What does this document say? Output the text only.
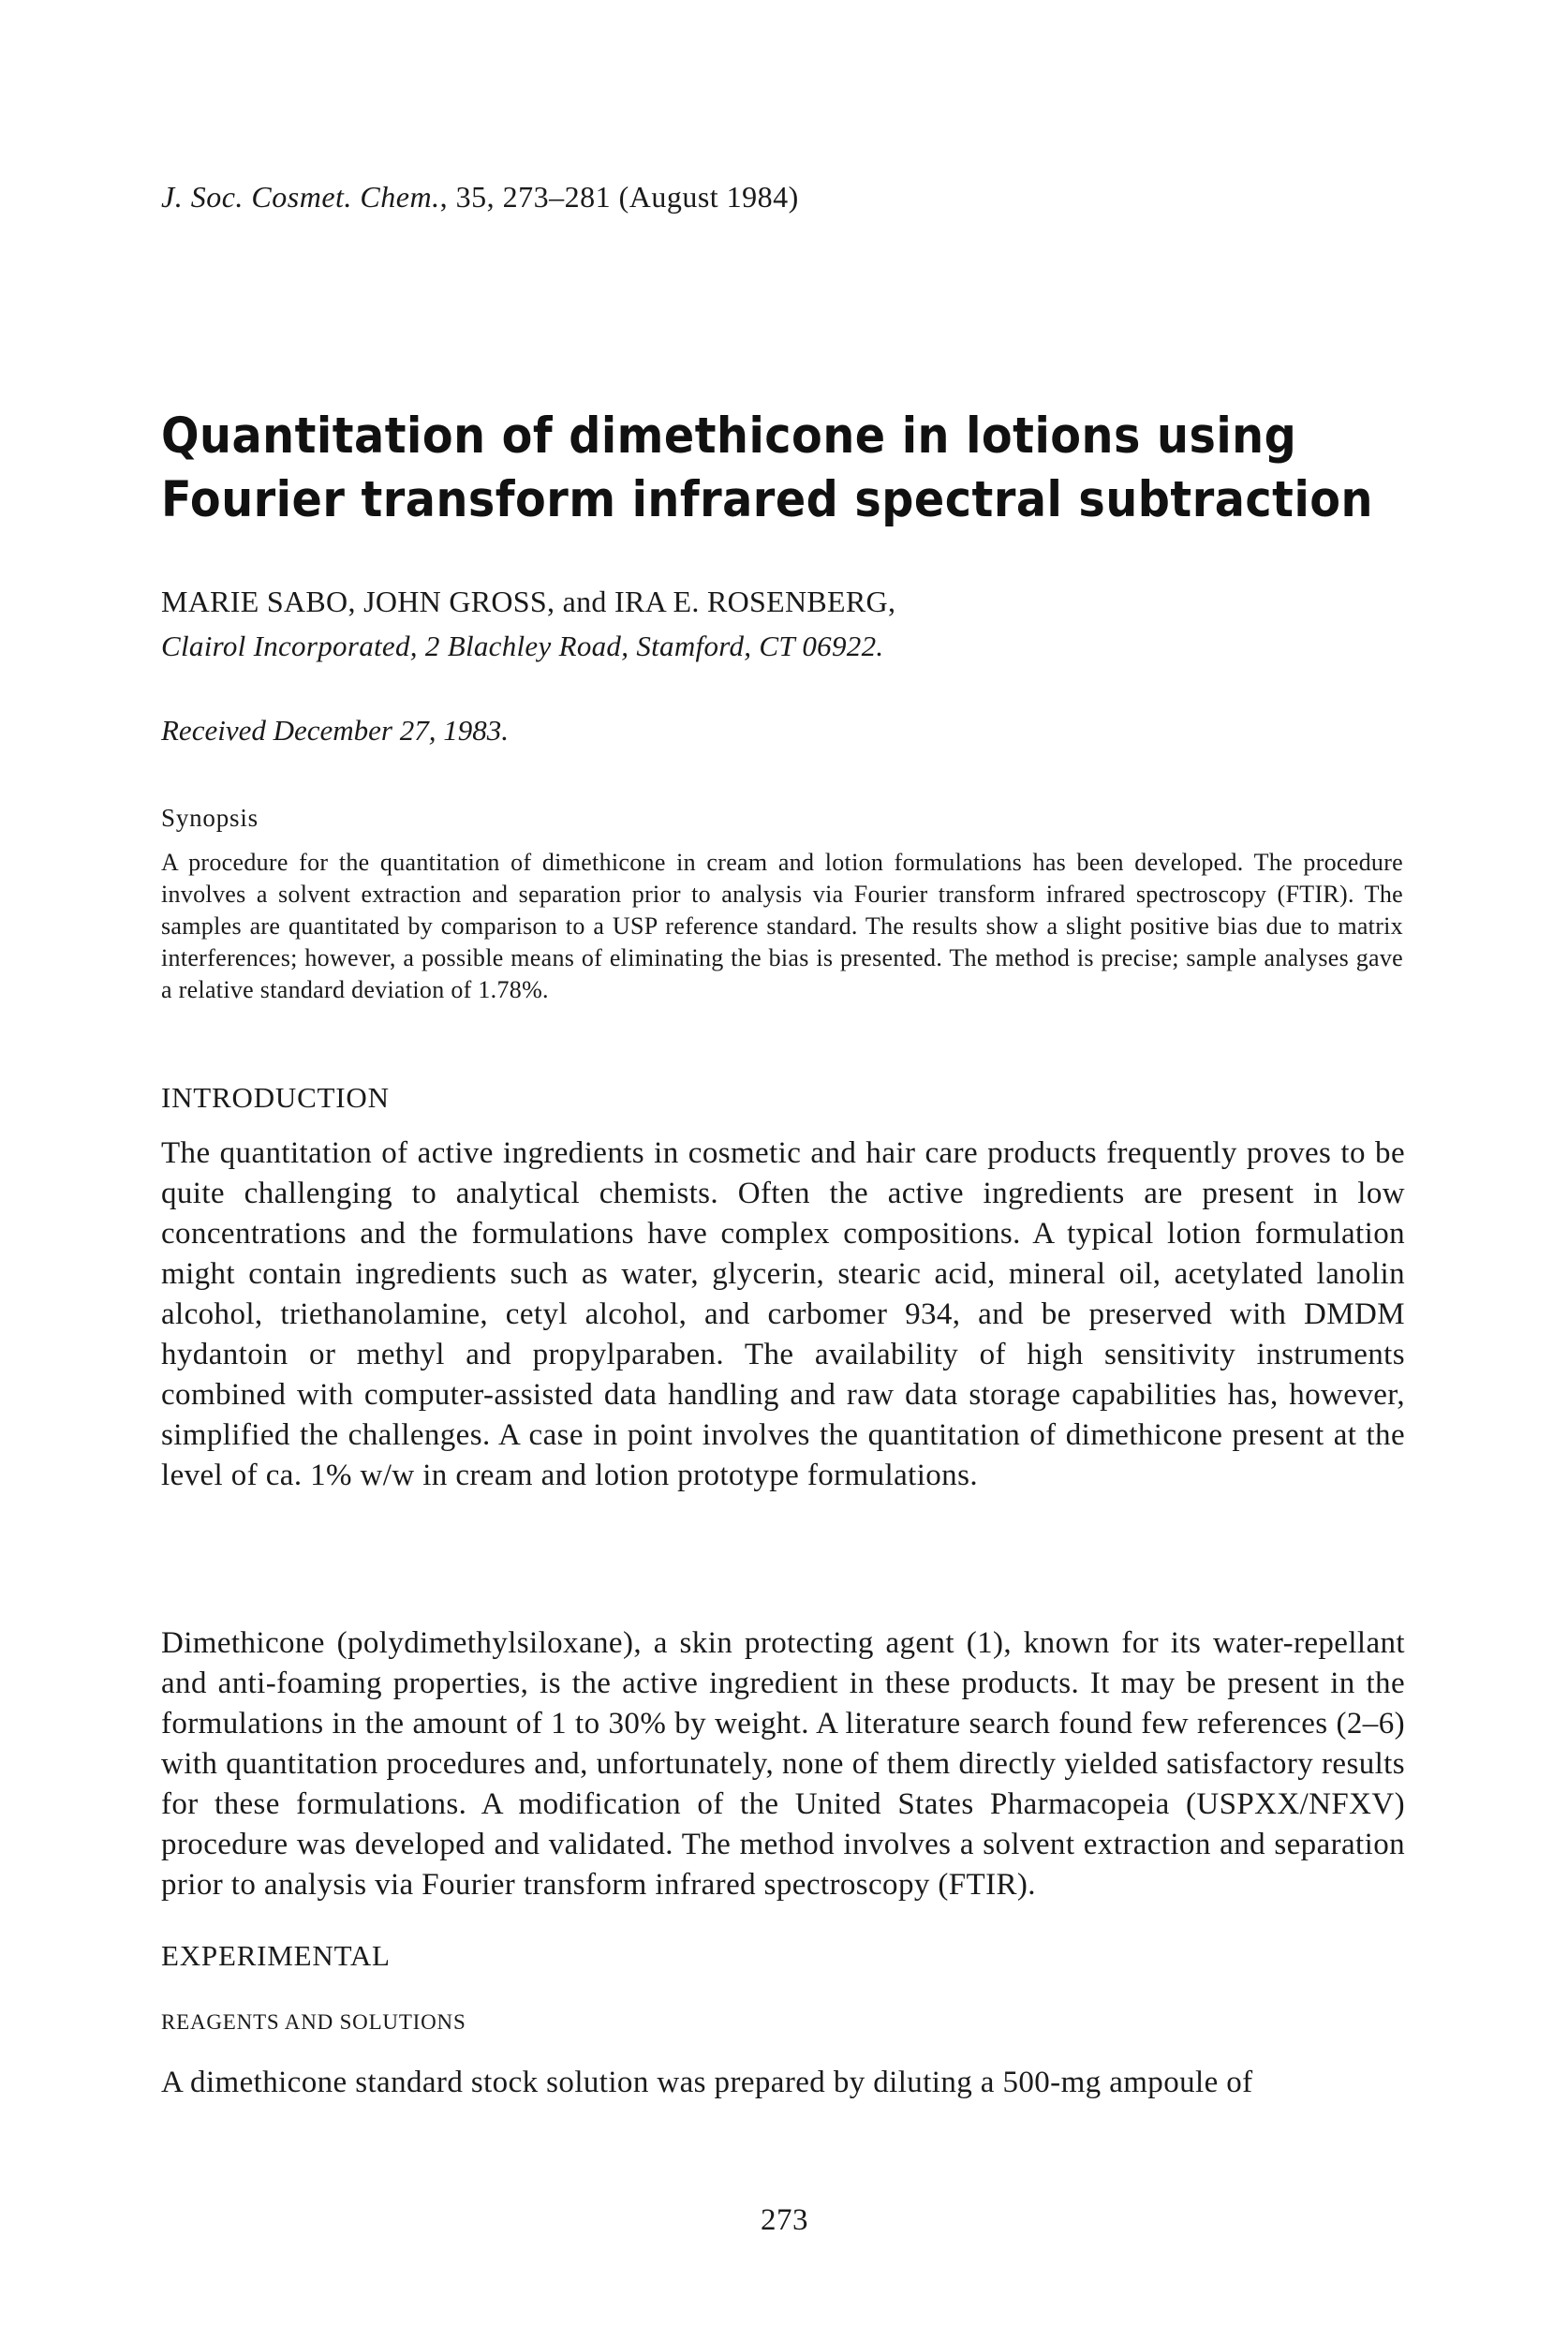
J. Soc. Cosmet. Chem., 35, 273–281 (August 1984)
Quantitation of dimethicone in lotions using Fourier transform infrared spectral subtraction
MARIE SABO, JOHN GROSS, and IRA E. ROSENBERG,
Clairol Incorporated, 2 Blachley Road, Stamford, CT 06922.
Received December 27, 1983.
Synopsis

A procedure for the quantitation of dimethicone in cream and lotion formulations has been developed. The procedure involves a solvent extraction and separation prior to analysis via Fourier transform infrared spectroscopy (FTIR). The samples are quantitated by comparison to a USP reference standard. The results show a slight positive bias due to matrix interferences; however, a possible means of eliminating the bias is presented. The method is precise; sample analyses gave a relative standard deviation of 1.78%.

INTRODUCTION

The quantitation of active ingredients in cosmetic and hair care products frequently proves to be quite challenging to analytical chemists. Often the active ingredients are present in low concentrations and the formulations have complex compositions. A typical lotion formulation might contain ingredients such as water, glycerin, stearic acid, mineral oil, acetylated lanolin alcohol, triethanolamine, cetyl alcohol, and carbomer 934, and be preserved with DMDM hydantoin or methyl and propylparaben. The availability of high sensitivity instruments combined with computer-assisted data handling and raw data storage capabilities has, however, simplified the challenges. A case in point involves the quantitation of dimethicone present at the level of ca. 1% w/w in cream and lotion prototype formulations.

Dimethicone (polydimethylsiloxane), a skin protecting agent (1), known for its water-repellant and anti-foaming properties, is the active ingredient in these products. It may be present in the formulations in the amount of 1 to 30% by weight. A literature search found few references (2–6) with quantitation procedures and, unfortunately, none of them directly yielded satisfactory results for these formulations. A modification of the United States Pharmacopeia (USPXX/NFXV) procedure was developed and validated. The method involves a solvent extraction and separation prior to analysis via Fourier transform infrared spectroscopy (FTIR).

EXPERIMENTAL
REAGENTS AND SOLUTIONS

A dimethicone standard stock solution was prepared by diluting a 500-mg ampoule of

273
